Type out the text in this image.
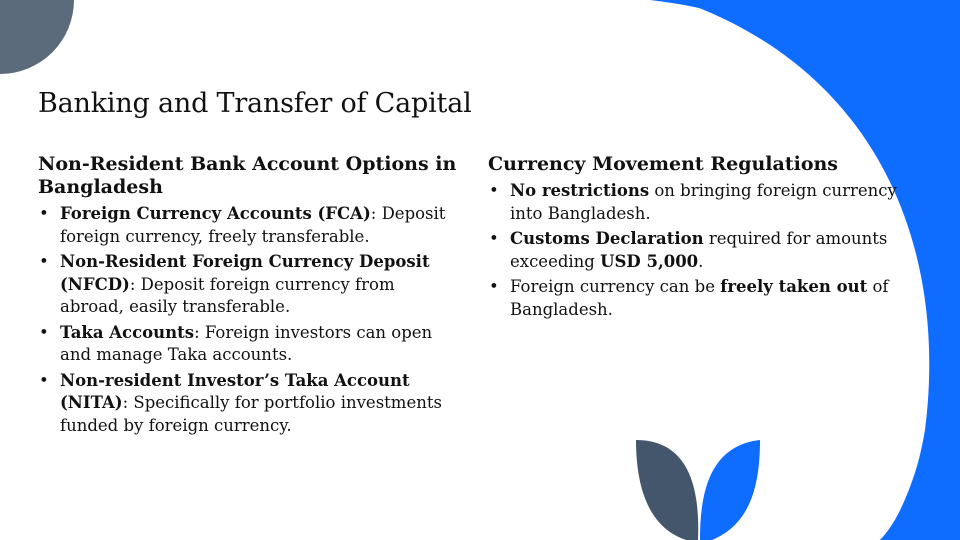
Banking and Transfer of Capital
Non-Resident Bank Account Options in Bangladesh
• Foreign Currency Accounts (FCA): Deposit foreign currency, freely transferable.
• Non-Resident Foreign Currency Deposit (NFCD): Deposit foreign currency from abroad, easily transferable.
• Taka Accounts: Foreign investors can open and manage Taka accounts.
• Non-resident Investor’s Taka Account (NITA): Specifically for portfolio investments funded by foreign currency.
Currency Movement Regulations
• No restrictions on bringing foreign currency into Bangladesh.
• Customs Declaration required for amounts exceeding USD 5,000.
• Foreign currency can be freely taken out of Bangladesh.
